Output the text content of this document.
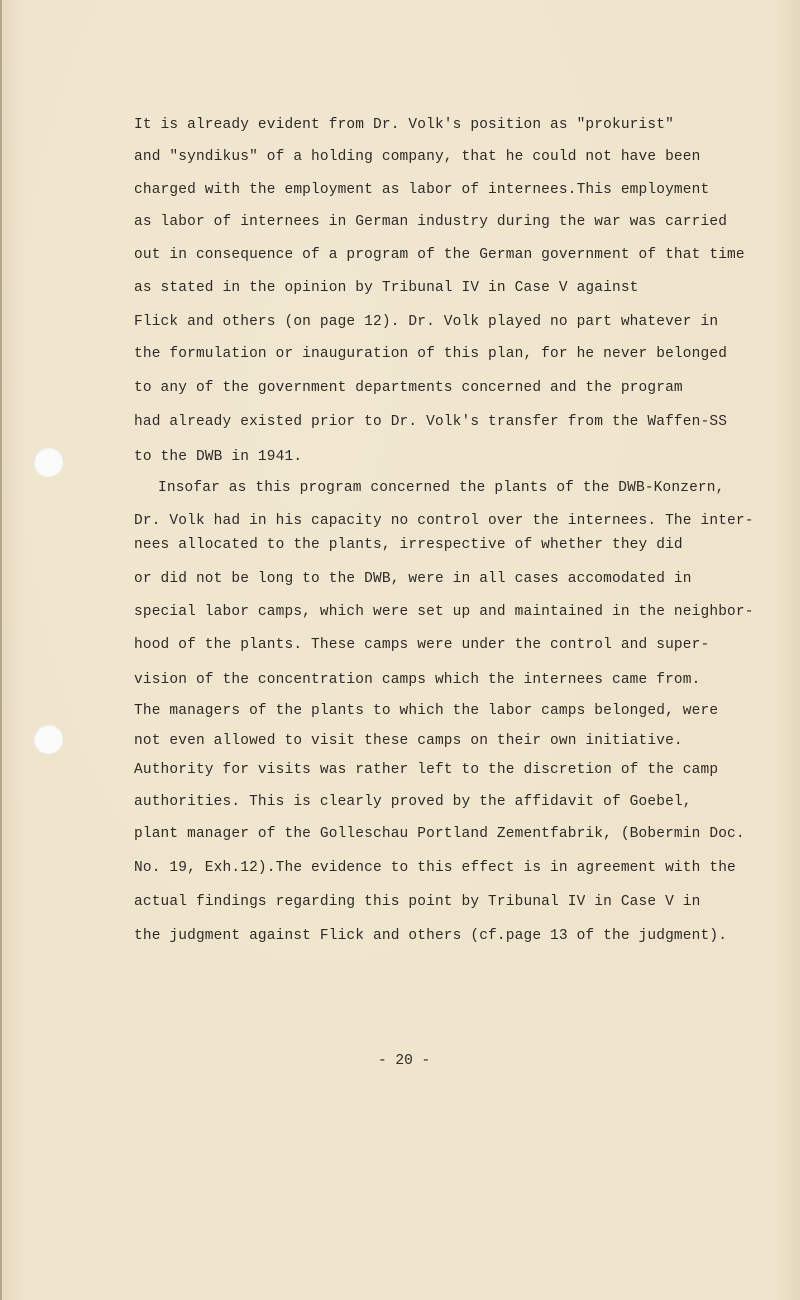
It is already evident from Dr. Volk's position as "prokurist"
and "syndikus" of a holding company, that he could not have been
charged with the employment as labor of internees.This employment
as labor of internees in German industry during the war was carried
out in consequence of a program of the German government of that time
as stated in the opinion by Tribunal IV in Case V against
Flick and others (on page 12). Dr. Volk played no part whatever in
the formulation or inauguration of this plan, for he never belonged
to any of the government departments concerned and the program
had already existed prior to Dr. Volk's transfer from the Waffen-SS
to the DWB in 1941.
Insofar as this program concerned the plants of the DWB-Konzern,
Dr. Volk had in his capacity no control over the internees. The inter-
nees allocated to the plants, irrespective of whether they did
or did not be long to the DWB, were in all cases accomodated in
special labor camps, which were set up and maintained in the neighbor-
hood of the plants. These camps were under the control and super-
vision of the concentration camps which the internees came from.
The managers of the plants to which the labor camps belonged, were
not even allowed to visit these camps on their own initiative.
Authority for visits was rather left to the discretion of the camp
authorities. This is clearly proved by the affidavit of Goebel,
plant manager of the Golleschau Portland Zementfabrik, (Bobermin Doc.
No. 19, Exh.12).The evidence to this effect is in agreement with the
actual findings regarding this point by Tribunal IV in Case V in
the judgment against Flick and others (cf.page 13 of the judgment).
- 20 -
